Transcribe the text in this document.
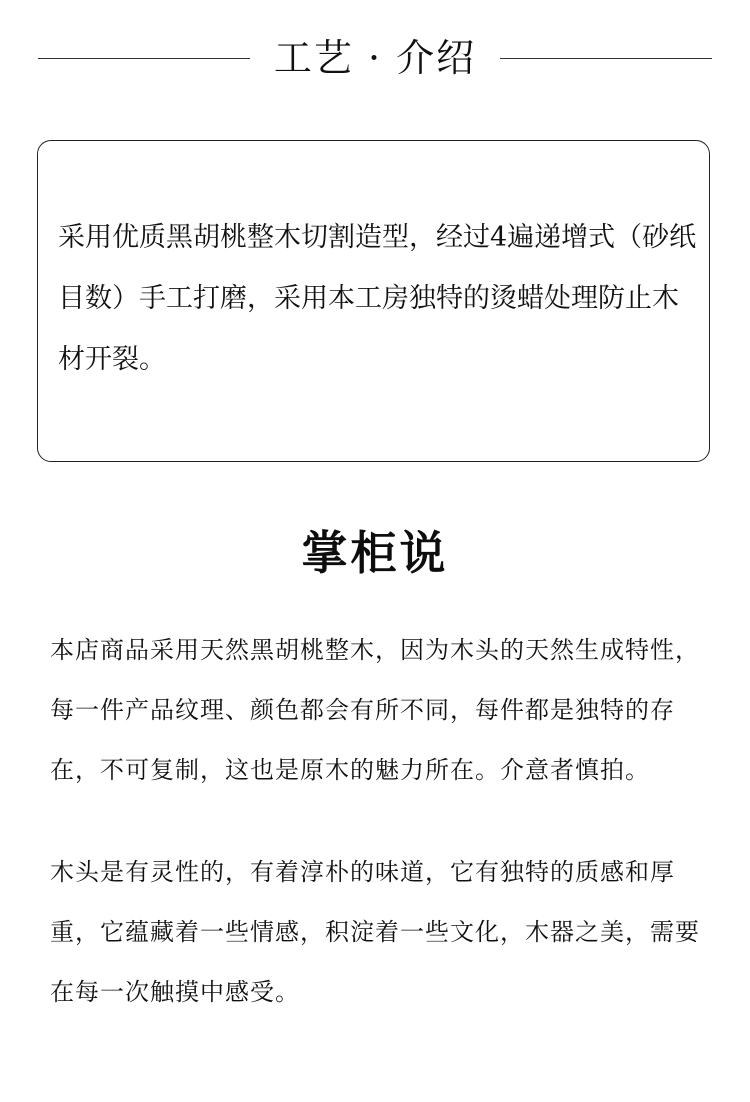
工艺 · 介绍

采用优质黑胡桃整木切割造型，经过4遍递增式（砂纸目数）手工打磨，采用本工房独特的烫蜡处理防止木材开裂。

掌柜说

本店商品采用天然黑胡桃整木，因为木头的天然生成特性，每一件产品纹理、颜色都会有所不同，每件都是独特的存在，不可复制，这也是原木的魅力所在。介意者慎拍。

木头是有灵性的，有着淳朴的味道，它有独特的质感和厚重，它蕴藏着一些情感，积淀着一些文化，木器之美，需要在每一次触摸中感受。
